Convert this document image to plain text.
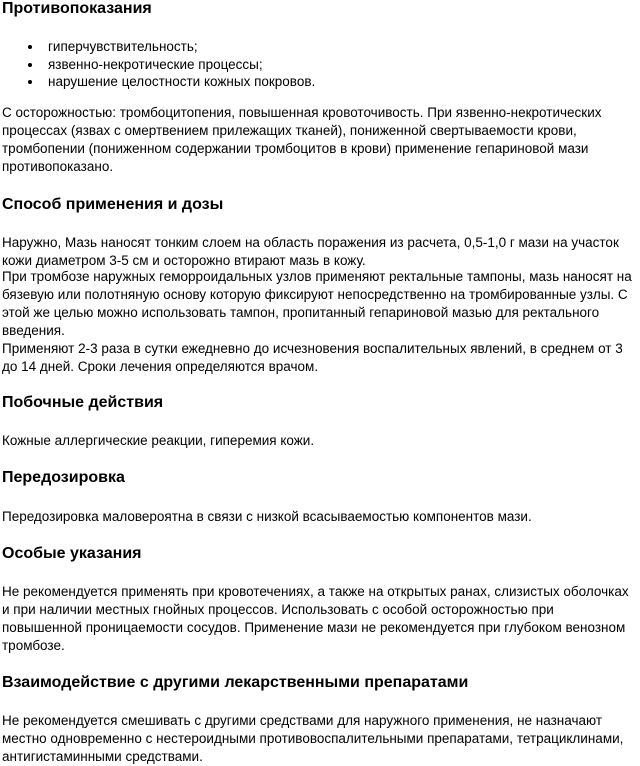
Противопоказания
гиперчувствительность;
язвенно-некротические процессы;
нарушение целостности кожных покровов.

С осторожностью: тромбоцитопения, повышенная кровоточивость. При язвенно-некротических процессах (язвах с омертвением прилежащих тканей), пониженной свертываемости крови, тромбопении (пониженном содержании тромбоцитов в крови) применение гепариновой мази противопоказано.

Способ применения и дозы

Наружно, Мазь наносят тонким слоем на область поражения из расчета, 0,5-1,0 г мази на участок кожи диаметром 3-5 см и осторожно втирают мазь в кожу.

При тромбозе наружных геморроидальных узлов применяют ректальные тампоны, мазь наносят на бязевую или полотняную основу которую фиксируют непосредственно на тромбированные узлы. С этой же целью можно использовать тампон, пропитанный гепариновой мазью для ректального введения.

Применяют 2-3 раза в сутки ежедневно до исчезновения воспалительных явлений, в среднем от 3 до 14 дней. Сроки лечения определяются врачом.

Побочные действия

Кожные аллергические реакции, гиперемия кожи.

Передозировка

Передозировка маловероятна в связи с низкой всасываемостью компонентов мази.

Особые указания

Не рекомендуется применять при кровотечениях, а также на открытых ранах, слизистых оболочках и при наличии местных гнойных процессов. Использовать с особой осторожностью при повышенной проницаемости сосудов. Применение мази не рекомендуется при глубоком венозном тромбозе.

Взаимодействие с другими лекарственными препаратами

Не рекомендуется смешивать с другими средствами для наружного применения, не назначают местно одновременно с нестероидными противовоспалительными препаратами, тетрациклинами, антигистаминными средствами.
